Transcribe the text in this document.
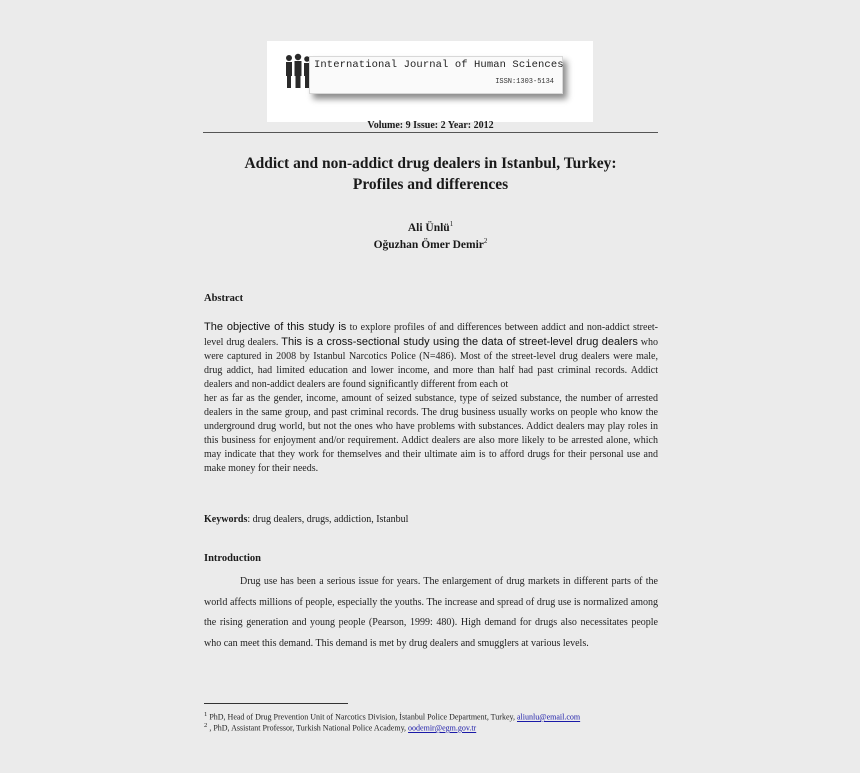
International Journal of Human Sciences
ISSN:1303-5134
Volume: 9 Issue: 2 Year: 2012
Addict and non-addict drug dealers in Istanbul, Turkey:
Profiles and differences
Ali Ünlü$^1$
Oğuzhan Ömer Demir$^2$
Abstract
The objective of this study is to explore profiles of and differences between addict and non-addict street-level drug dealers. This is a cross-sectional study using the data of street-level drug dealers who were captured in 2008 by Istanbul Narcotics Police (N=486). Most of the street-level drug dealers were male, drug addict, had limited education and lower income, and more than half had past criminal records. Addict dealers and non-addict dealers are found significantly different from each ot
her as far as the gender, income, amount of seized substance, type of seized substance, the number of arrested dealers in the same group, and past criminal records. The drug business usually works on people who know the underground drug world, but not the ones who have problems with substances. Addict dealers may play roles in this business for enjoyment and/or requirement. Addict dealers are also more likely to be arrested alone, which may indicate that they work for themselves and their ultimate aim is to afford drugs for their personal use and make money for their needs.
Keywords: drug dealers, drugs, addiction, Istanbul
Introduction
Drug use has been a serious issue for years. The enlargement of drug markets in different parts of the world affects millions of people, especially the youths. The increase and spread of drug use is normalized among the rising generation and young people (Pearson, 1999: 480). High demand for drugs also necessitates people who can meet this demand. This demand is met by drug dealers and smugglers at various levels.
$^1$ PhD, Head of Drug Prevention Unit of Narcotics Division, İstanbul Police Department, Turkey, aliunlu@email.com
$^2$ , PhD, Assistant Professor, Turkish National Police Academy, oodemir@egm.gov.tr
